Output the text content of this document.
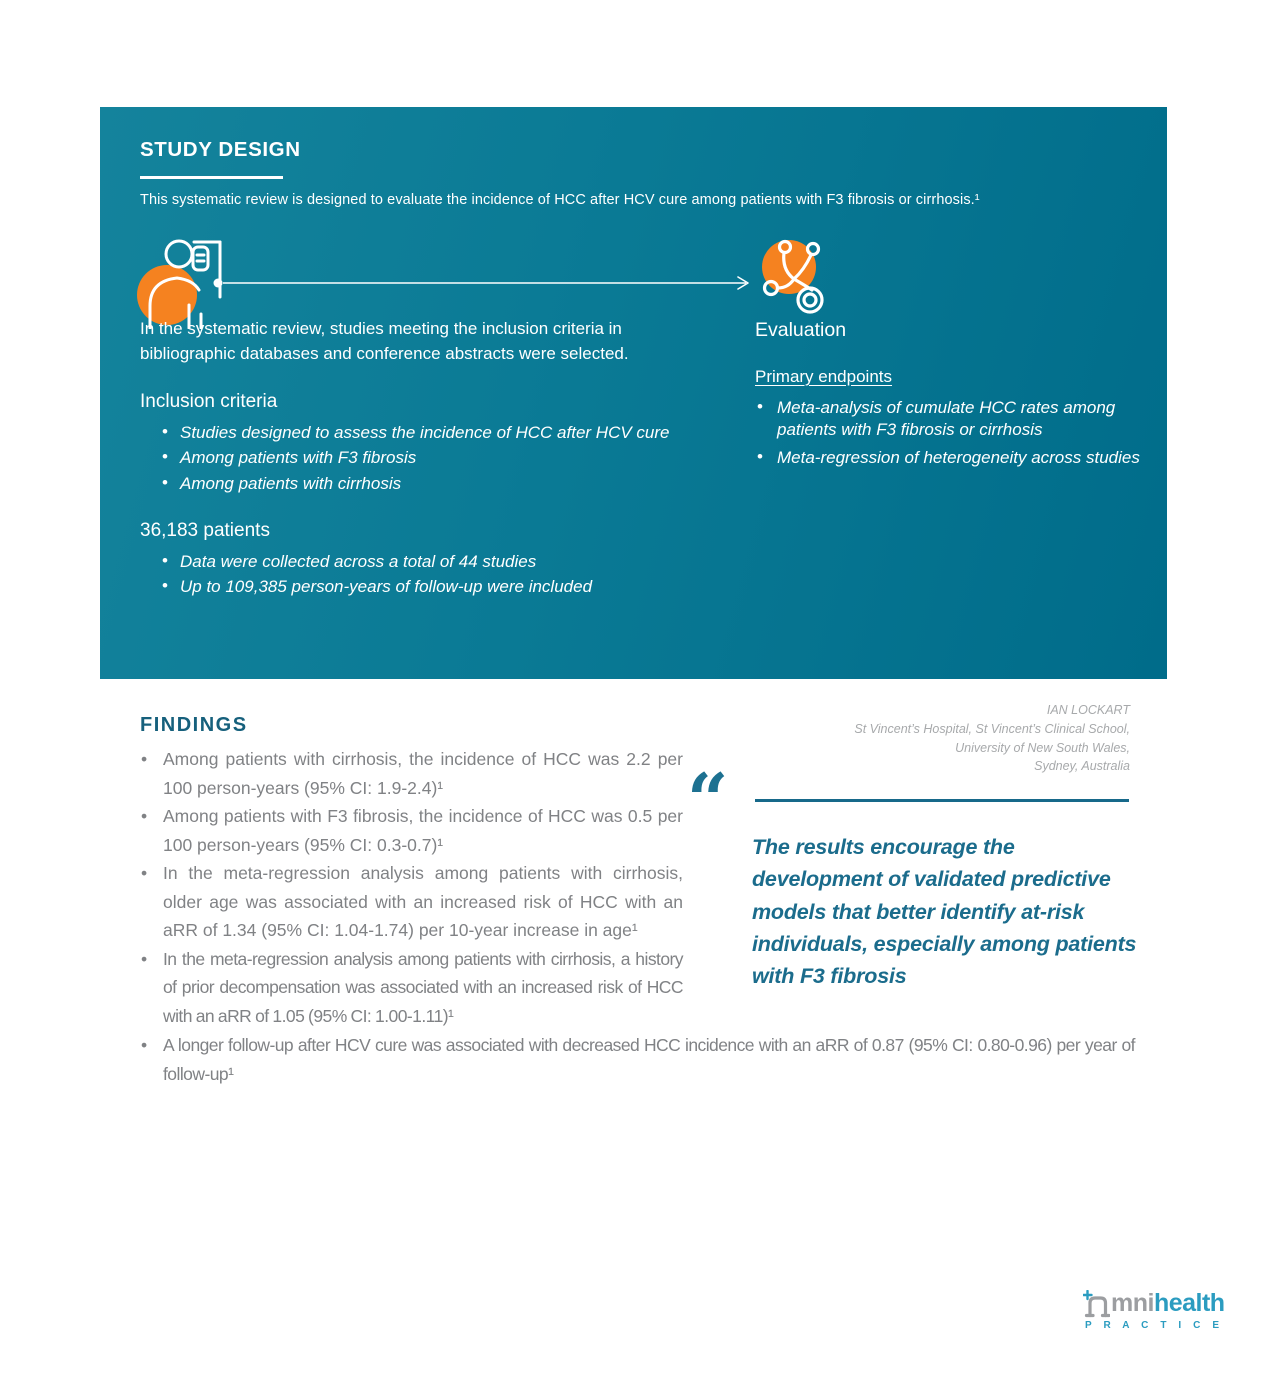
STUDY DESIGN

This systematic review is designed to evaluate the incidence of HCC after HCV cure among patients with F3 fibrosis or cirrhosis.¹

In the systematic review, studies meeting the inclusion criteria in bibliographic databases and conference abstracts were selected.

Inclusion criteria
• Studies designed to assess the incidence of HCC after HCV cure
• Among patients with F3 fibrosis
• Among patients with cirrhosis
36,183 patients
• Data were collected across a total of 44 studies
• Up to 109,385 person-years of follow-up were included
Evaluation

Primary endpoints
• Meta-analysis of cumulate HCC rates among patients with F3 fibrosis or cirrhosis
• Meta-regression of heterogeneity across studies
FINDINGS
• Among patients with cirrhosis, the incidence of HCC was 2.2 per 100 person-years (95% CI: 1.9-2.4)¹
• Among patients with F3 fibrosis, the incidence of HCC was 0.5 per 100 person-years (95% CI: 0.3-0.7)¹
• In the meta-regression analysis among patients with cirrhosis, older age was associated with an increased risk of HCC with an aRR of 1.34 (95% CI: 1.04-1.74) per 10-year increase in age¹
• In the meta-regression analysis among patients with cirrhosis, a history of prior decompensation was associated with an increased risk of HCC with an aRR of 1.05 (95% CI: 1.00-1.11)¹
• A longer follow-up after HCV cure was associated with decreased HCC incidence with an aRR of 0.87 (95% CI: 0.80-0.96) per year of follow-up¹
IAN LOCKART
St Vincent’s Hospital, St Vincent’s Clinical School,
University of New South Wales,
Sydney, Australia
“
The results encourage the development of validated predictive models that better identify at-risk individuals, especially among patients with F3 fibrosis
mni health
P R A C T I C E
